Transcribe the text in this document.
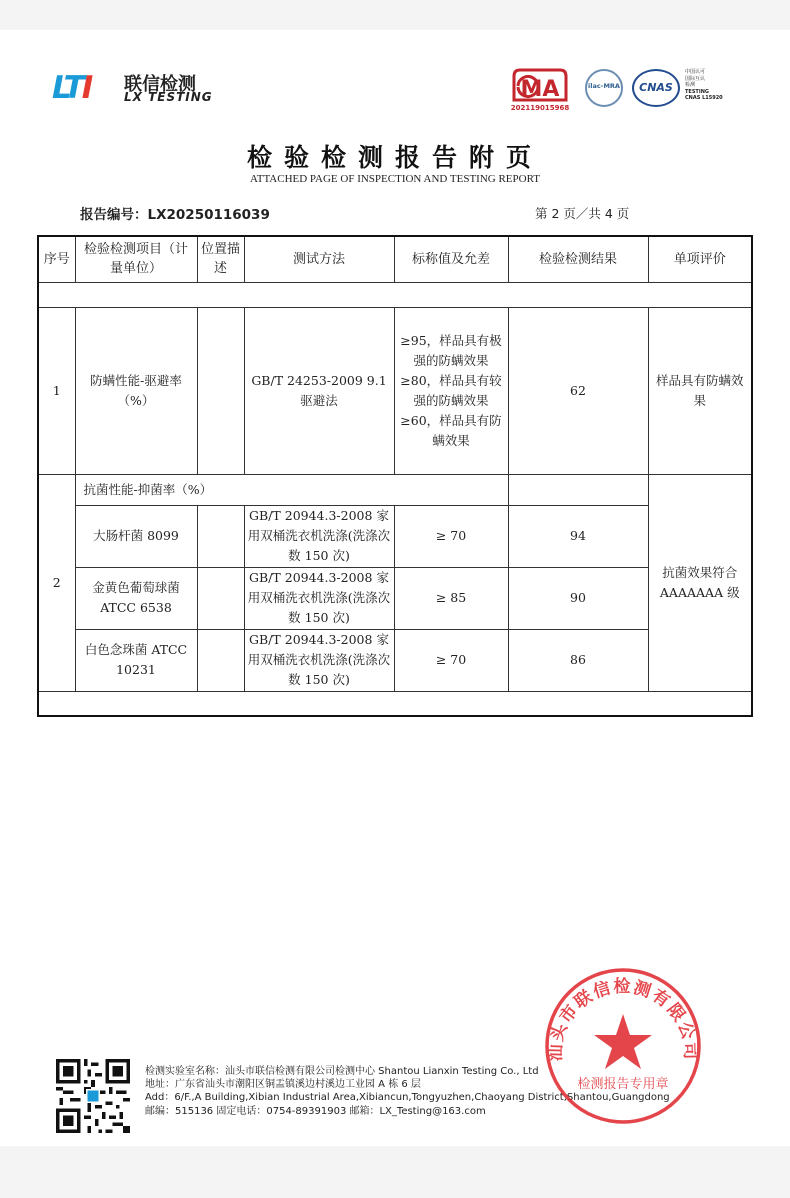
LTI 联信检测
LX TESTING	MA
202119015968
ilac-MRA	CNAS
中国认可
国际互认
检测
TESTING
CNAS L15920
检验检测报告附页
ATTACHED PAGE OF INSPECTION AND TESTING REPORT
报告编号：LX20250116039	第 2 页／共 4 页
序号	检验检测项目（计量单位）	位置描述	测试方法	标称值及允差	检验检测结果	单项评价

1	防螨性能-驱避率（%）		GB/T 24253-2009 9.1 驱避法	≥95，样品具有极强的防螨效果 ≥80，样品具有较强的防螨效果 ≥60，样品具有防螨效果	62	样品具有防螨效果
2	抗菌性能-抑菌率（%）					抗菌效果符合AAAAAAA 级
	大肠杆菌 8099		GB/T 20944.3-2008 家用双桶洗衣机洗涤(洗涤次数 150 次)	≥ 70	94	
	金黄色葡萄球菌 ATCC 6538		GB/T 20944.3-2008 家用双桶洗衣机洗涤(洗涤次数 150 次)	≥ 85	90	
	白色念珠菌 ATCC 10231		GB/T 20944.3-2008 家用双桶洗衣机洗涤(洗涤次数 150 次)	≥ 70	86	

检测实验室名称：汕头市联信检测有限公司检测中心 Shantou Lianxin Testing Co., Ltd
地址：广东省汕头市潮阳区铜盂镇溪边村溪边工业园 A 栋 6 层
Add：6/F.,A Building,Xibian Industrial Area,Xibiancun,Tongyuzhen,Chaoyang District,Shantou,Guangdong
邮编：515136 固定电话：0754-89391903 邮箱：LX_Testing@163.com
汕头市联信检测有限公司
检测报告专用章
